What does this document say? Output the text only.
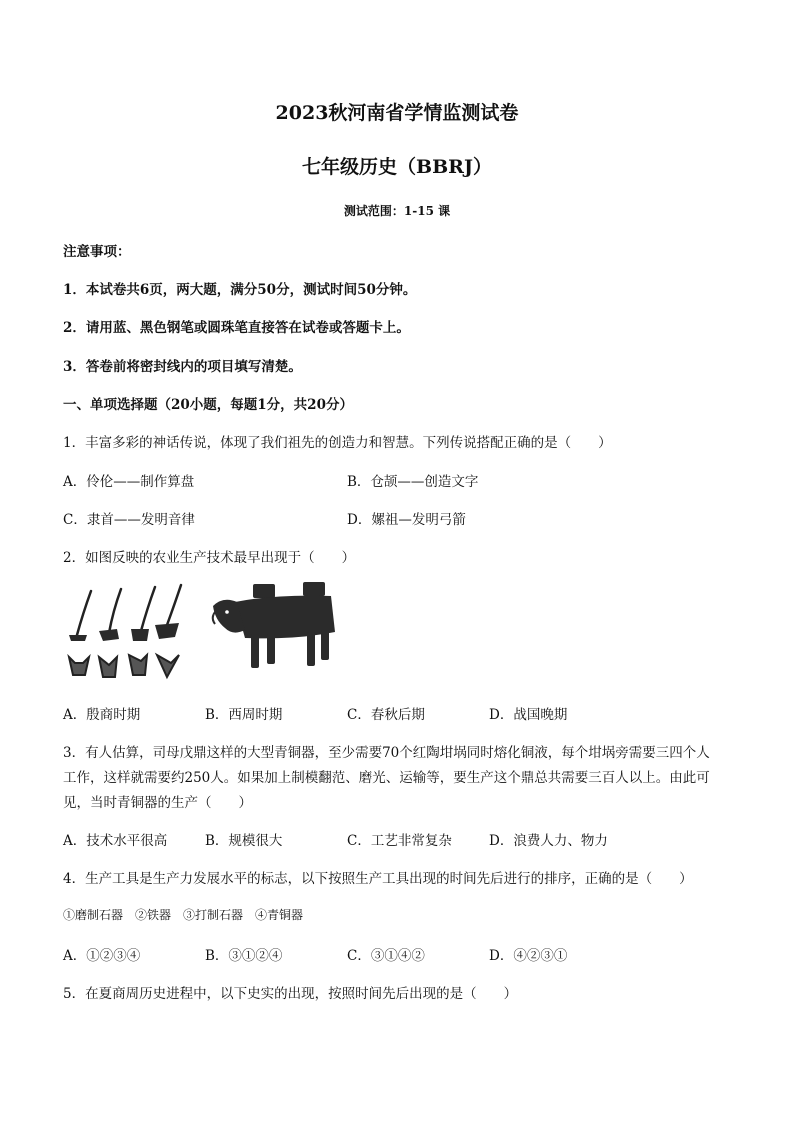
2023秋河南省学情监测试卷
七年级历史（BBRJ）
测试范围：1-15 课
注意事项：
1．本试卷共6页，两大题，满分50分，测试时间50分钟。
2．请用蓝、黑色钢笔或圆珠笔直接答在试卷或答题卡上。
3．答卷前将密封线内的项目填写清楚。
一、单项选择题（20小题，每题1分，共20分）
1．丰富多彩的神话传说，体现了我们祖先的创造力和智慧。下列传说搭配正确的是（　　）
A．伶伦——制作算盘	B．仓颉——创造文字
C．隶首——发明音律	D．嫘祖—发明弓箭
2．如图反映的农业生产技术最早出现于（　　）
A．殷商时期	B．西周时期	C．春秋后期	D．战国晚期
3．有人估算，司母戊鼎这样的大型青铜器，至少需要70个红陶坩埚同时熔化铜液，每个坩埚旁需要三四个人
工作，这样就需要约250人。如果加上制模翻范、磨光、运输等，要生产这个鼎总共需要三百人以上。由此可
见，当时青铜器的生产（　　）
A．技术水平很高	B．规模很大	C．工艺非常复杂	D．浪费人力、物力
4．生产工具是生产力发展水平的标志，以下按照生产工具出现的时间先后进行的排序，正确的是（　　）
①磨制石器　②铁器　③打制石器　④青铜器
A．①②③④	B．③①②④	C．③①④②	D．④②③①
5．在夏商周历史进程中，以下史实的出现，按照时间先后出现的是（　　）
